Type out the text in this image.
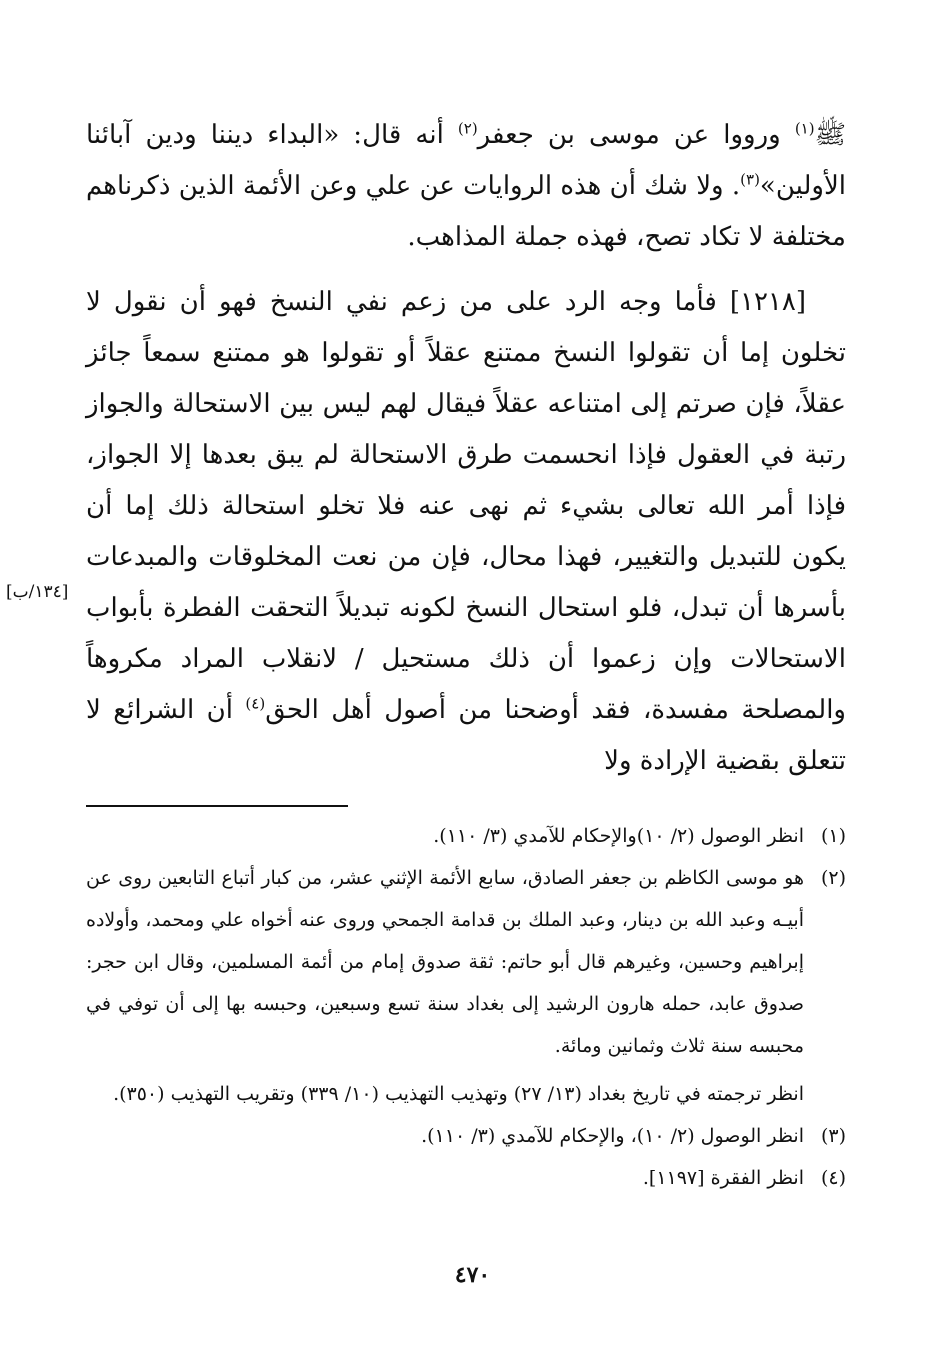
ﷺ$^{(١)}$ ورووا عن موسى بن جعفر$^{(٢)}$ أنه قال: «البداء ديننا ودين آبائنا الأولين»$^{(٣)}$. ولا شك أن هذه الروايات عن علي وعن الأئمة الذين ذكرناهم مختلفة لا تكاد تصح، فهذه جملة المذاهب.

[١٣٤/ب]
[١٢١٨] فأما وجه الرد على من زعم نفي النسخ فهو أن نقول لا تخلون إما أن تقولوا النسخ ممتنع عقلاً أو تقولوا هو ممتنع سمعاً جائز عقلاً، فإن صرتم إلى امتناعه عقلاً فيقال لهم ليس بين الاستحالة والجواز رتبة في العقول فإذا انحسمت طرق الاستحالة لم يبق بعدها إلا الجواز، فإذا أمر الله تعالى بشيء ثم نهى عنه فلا تخلو استحالة ذلك إما أن يكون للتبديل والتغيير، فهذا محال، فإن من نعت المخلوقات والمبدعات بأسرها أن تبدل، فلو استحال النسخ لكونه تبديلاً التحقت الفطرة بأبواب الاستحالات وإن زعموا أن ذلك مستحيل / لانقلاب المراد مكروهاً والمصلحة مفسدة، فقد أوضحنا من أصول أهل الحق$^{(٤)}$ أن الشرائع لا تتعلق بقضية الإرادة ولا

(١)
انظر الوصول (٢/ ١٠)والإحكام للآمدي (٣/ ١١٠).
(٢)
هو موسى الكاظم بن جعفر الصادق، سابع الأئمة الإثني عشر، من كبار أتباع التابعين روى عن أبيـه وعبد الله بن دينار، وعبد الملك بن قدامة الجمحي وروى عنه أخواه علي ومحمد، وأولاده إبراهيم وحسين، وغيرهم قال أبو حاتم: ثقة صدوق إمام من أئمة المسلمين، وقال ابن حجر: صدوق عابد، حمله هارون الرشيد إلى بغداد سنة تسع وسبعين، وحبسه بها إلى أن توفي في محبسه سنة ثلاث وثمانين ومائة.
انظر ترجمته في تاريخ بغداد (١٣/ ٢٧) وتهذيب التهذيب (١٠/ ٣٣٩) وتقريب التهذيب (٣٥٠).
(٣)
انظر الوصول (٢/ ١٠)، والإحكام للآمدي (٣/ ١١٠).
(٤)
انظر الفقرة [١١٩٧].
٤٧٠
